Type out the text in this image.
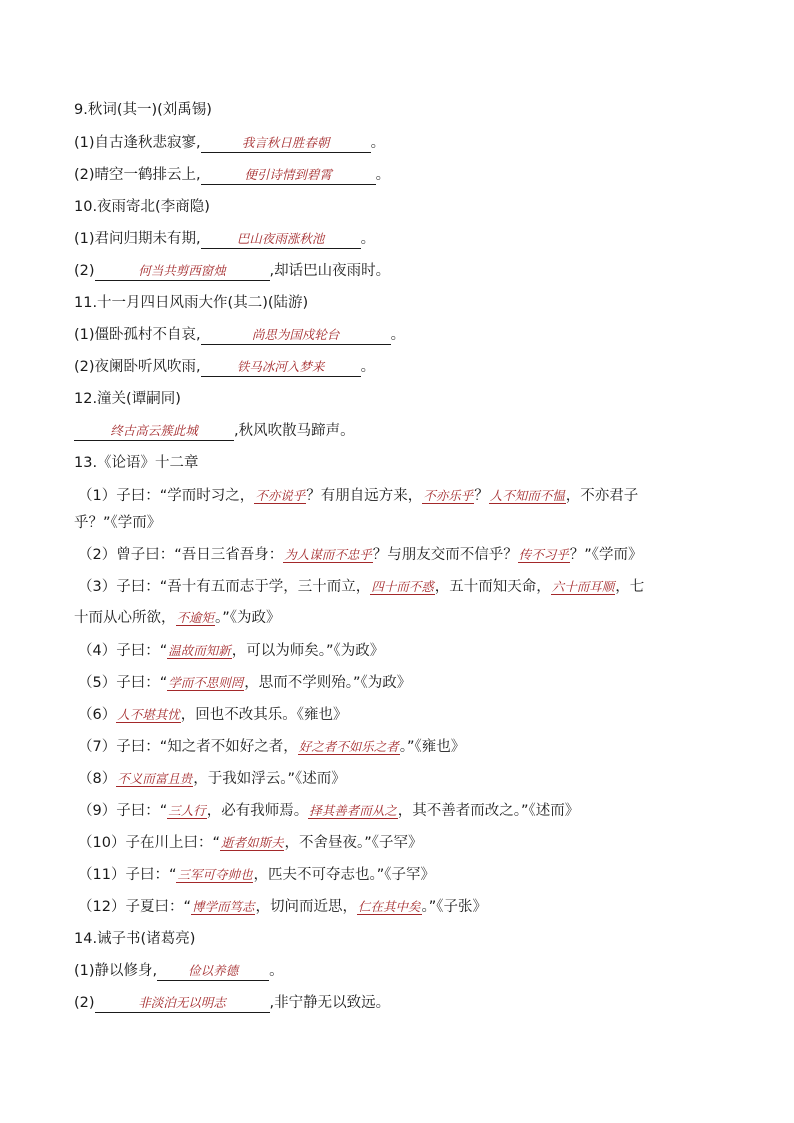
9.秋词(其一)(刘禹锡)
(1)自古逢秋悲寂寥,	我言秋日胜春朝	。
(2)晴空一鹤排云上,	便引诗情到碧霄	。
10.夜雨寄北(李商隐)
(1)君问归期未有期,	巴山夜雨涨秋池	。
(2)	何当共剪西窗烛	,却话巴山夜雨时。
11.十一月四日风雨大作(其二)(陆游)
(1)僵卧孤村不自哀,	尚思为国戍轮台	。
(2)夜阑卧听风吹雨,	铁马冰河入梦来	。
12.潼关(谭嗣同)
终古高云簇此城	,秋风吹散马蹄声。
13.《论语》十二章
（1）子曰：“学而时习之，不亦说乎？有朋自远方来，不亦乐乎？人不知而不愠，不亦君子
乎？”《学而》
（2）曾子曰：“吾日三省吾身：为人谋而不忠乎？与朋友交而不信乎？传不习乎？”《学而》
（3）子曰：“吾十有五而志于学，三十而立，四十而不惑，五十而知天命，六十而耳顺，七
十而从心所欲，不逾矩。”《为政》
（4）子曰：“温故而知新，可以为师矣。”《为政》
（5）子曰：“学而不思则罔，思而不学则殆。”《为政》
（6）人不堪其忧，回也不改其乐。《雍也》
（7）子曰：“知之者不如好之者，好之者不如乐之者。”《雍也》
（8）不义而富且贵，于我如浮云。”《述而》
（9）子曰：“三人行，必有我师焉。择其善者而从之，其不善者而改之。”《述而》
（10）子在川上曰：“逝者如斯夫，不舍昼夜。”《子罕》
（11）子曰：“三军可夺帅也，匹夫不可夺志也。”《子罕》
（12）子夏曰：“博学而笃志，切问而近思，仁在其中矣。”《子张》
14.诫子书(诸葛亮)
(1)静以修身, 俭以养德 。
(2)	非淡泊无以明志	,非宁静无以致远。
